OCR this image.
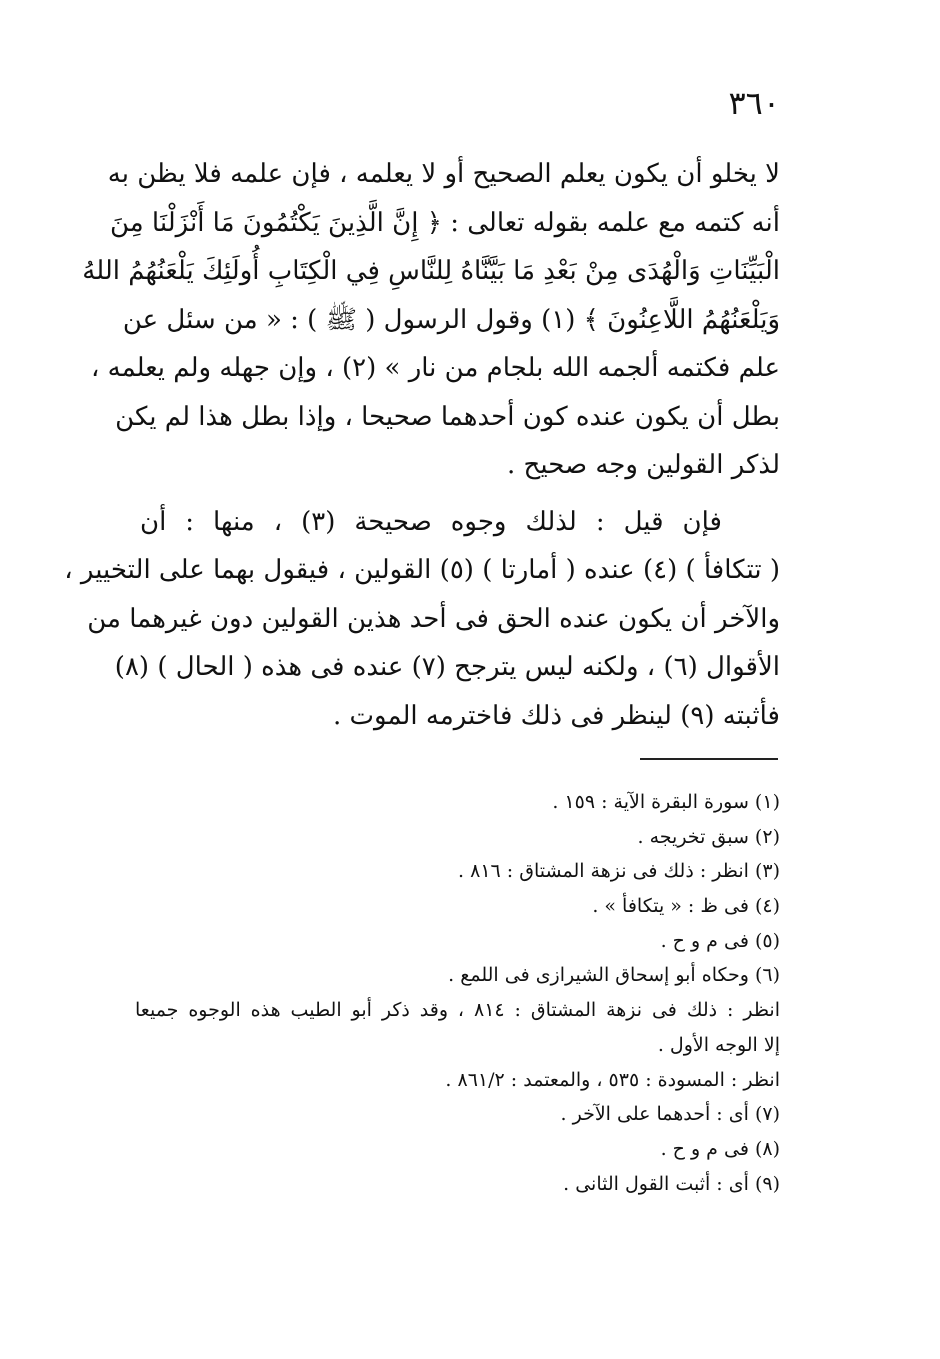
٣٦٠
لا يخلو أن يكون يعلم الصحيح أو لا يعلمه ، فإن علمه فلا يظن به
أنه كتمه مع علمه بقوله تعالى : ﴿ إِنَّ الَّذِينَ يَكْتُمُونَ مَا أَنْزَلْنَا مِنَ
الْبَيِّنَاتِ وَالْهُدَى مِنْ بَعْدِ مَا بَيَّنَّاهُ لِلنَّاسِ فِي الْكِتَابِ أُولَئِكَ يَلْعَنُهُمُ اللهُ
وَيَلْعَنُهُمُ اللَّاعِنُونَ ﴾ (١) وقول الرسول ( ﷺ ) : « من سئل عن
علم فكتمه ألجمه الله بلجام من نار » (٢) ، وإن جهله ولم يعلمه ،
بطل أن يكون عنده كون أحدهما صحيحا ، وإذا بطل هذا لم يكن
لذكر القولين وجه صحيح .
فإن قيل : لذلك وجوه صحيحة (٣) ، منها : أن
( تتكافأ ) (٤) عنده ( أمارتا ) (٥) القولين ، فيقول بهما على التخيير ،
والآخر أن يكون عنده الحق فى أحد هذين القولين دون غيرهما من
الأقوال (٦) ، ولكنه ليس يترجح (٧) عنده فى هذه ( الحال ) (٨)
فأثبته (٩) لينظر فى ذلك فاخترمه الموت .
(١) سورة البقرة الآية : ١٥٩ .
(٢) سبق تخريجه .
(٣) انظر : ذلك فى نزهة المشتاق : ٨١٦ .
(٤) فى ظ : « يتكافأ » .
(٥) فى م و ح .
(٦) وحكاه أبو إسحاق الشيرازى فى اللمع .
انظر : ذلك فى نزهة المشتاق : ٨١٤ ، وقد ذكر أبو الطيب هذه الوجوه جميعا
إلا الوجه الأول .
انظر : المسودة : ٥٣٥ ، والمعتمد : ٨٦١/٢ .
(٧) أى : أحدهما على الآخر .
(٨) فى م و ح .
(٩) أى : أثبت القول الثانى .
